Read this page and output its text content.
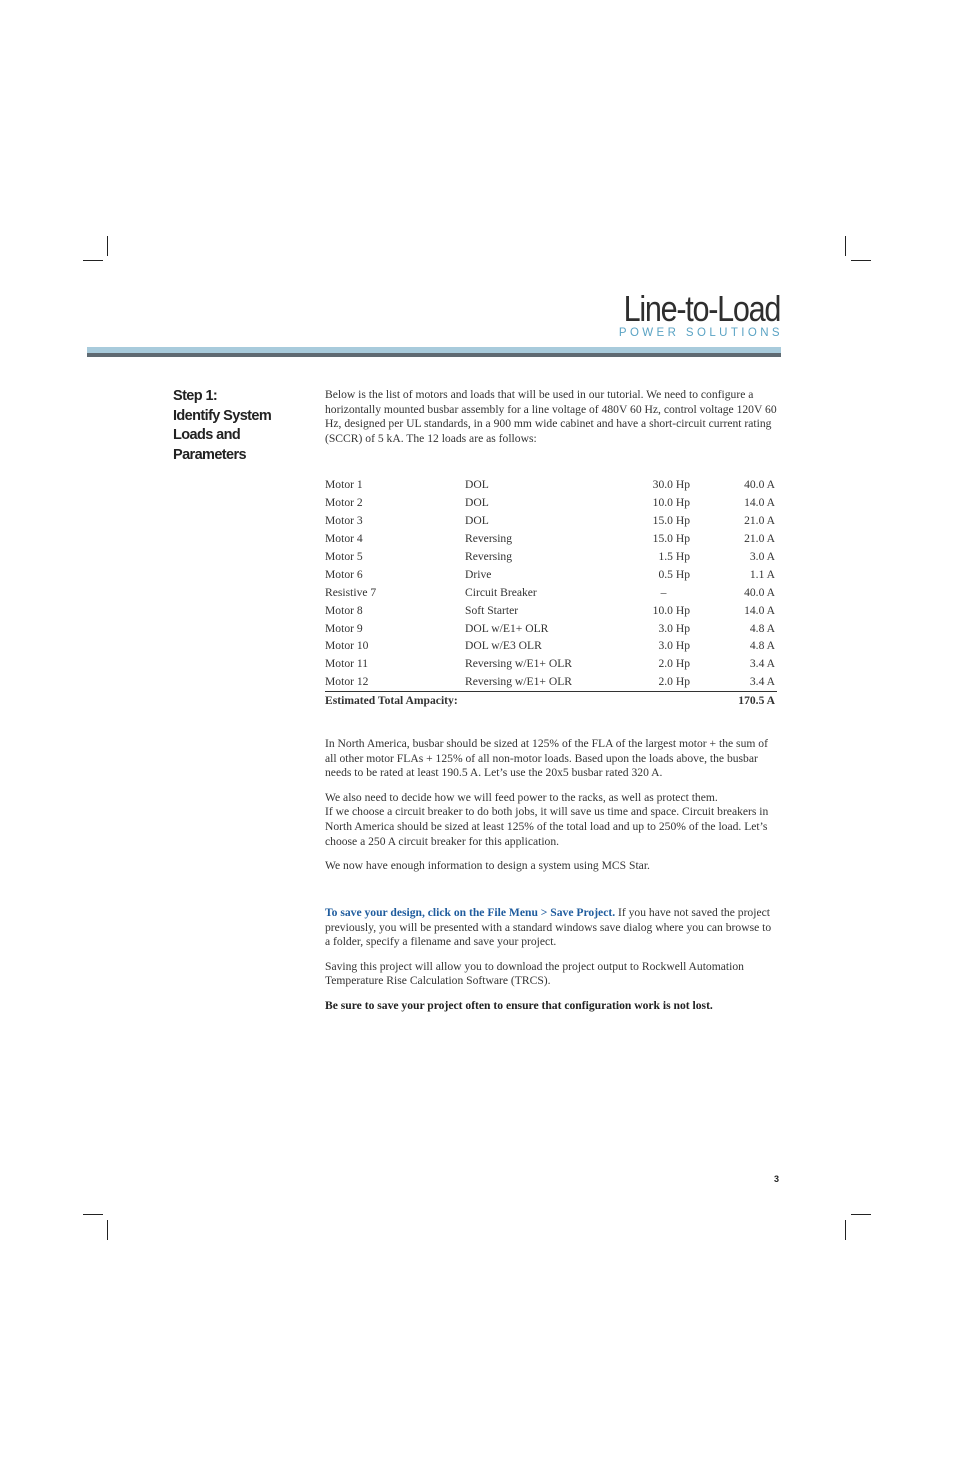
Line-to-Load
POWER SOLUTIONS
Step 1:
Identify System
Loads and Parameters

Below is the list of motors and loads that will be used in our tutorial. We need to configure a horizontally mounted busbar assembly for a line voltage of 480V 60 Hz, control voltage 120V 60 Hz, designed per UL standards, in a 900 mm wide cabinet and have a short-circuit current rating (SCCR) of 5 kA. The 12 loads are as follows:

Motor 1	DOL	30.0 Hp	40.0 A
Motor 2	DOL	10.0 Hp	14.0 A
Motor 3	DOL	15.0 Hp	21.0 A
Motor 4	Reversing	15.0 Hp	21.0 A
Motor 5	Reversing	1.5 Hp	3.0 A
Motor 6	Drive	0.5 Hp	1.1 A
Resistive 7	Circuit Breaker	–	40.0 A
Motor 8	Soft Starter	10.0 Hp	14.0 A
Motor 9	DOL w/E1+ OLR	3.0 Hp	4.8 A
Motor 10	DOL w/E3 OLR	3.0 Hp	4.8 A
Motor 11	Reversing w/E1+ OLR	2.0 Hp	3.4 A
Motor 12	Reversing w/E1+ OLR	2.0 Hp	3.4 A
Estimated Total Ampacity:			170.5 A

In North America, busbar should be sized at 125% of the FLA of the largest motor + the sum of all other motor FLAs + 125% of all non-motor loads. Based upon the loads above, the busbar needs to be rated at least 190.5 A. Let’s use the 20x5 busbar rated 320 A.

We also need to decide how we will feed power to the racks, as well as protect them.
If we choose a circuit breaker to do both jobs, it will save us time and space. Circuit breakers in North America should be sized at least 125% of the total load and up to 250% of the load. Let’s choose a 250 A circuit breaker for this application.

We now have enough information to design a system using MCS Star.

To save your design, click on the File Menu > Save Project. If you have not saved the project previously, you will be presented with a standard windows save dialog where you can browse to a folder, specify a filename and save your project.

Saving this project will allow you to download the project output to Rockwell Automation Temperature Rise Calculation Software (TRCS).

Be sure to save your project often to ensure that configuration work is not lost.

3
